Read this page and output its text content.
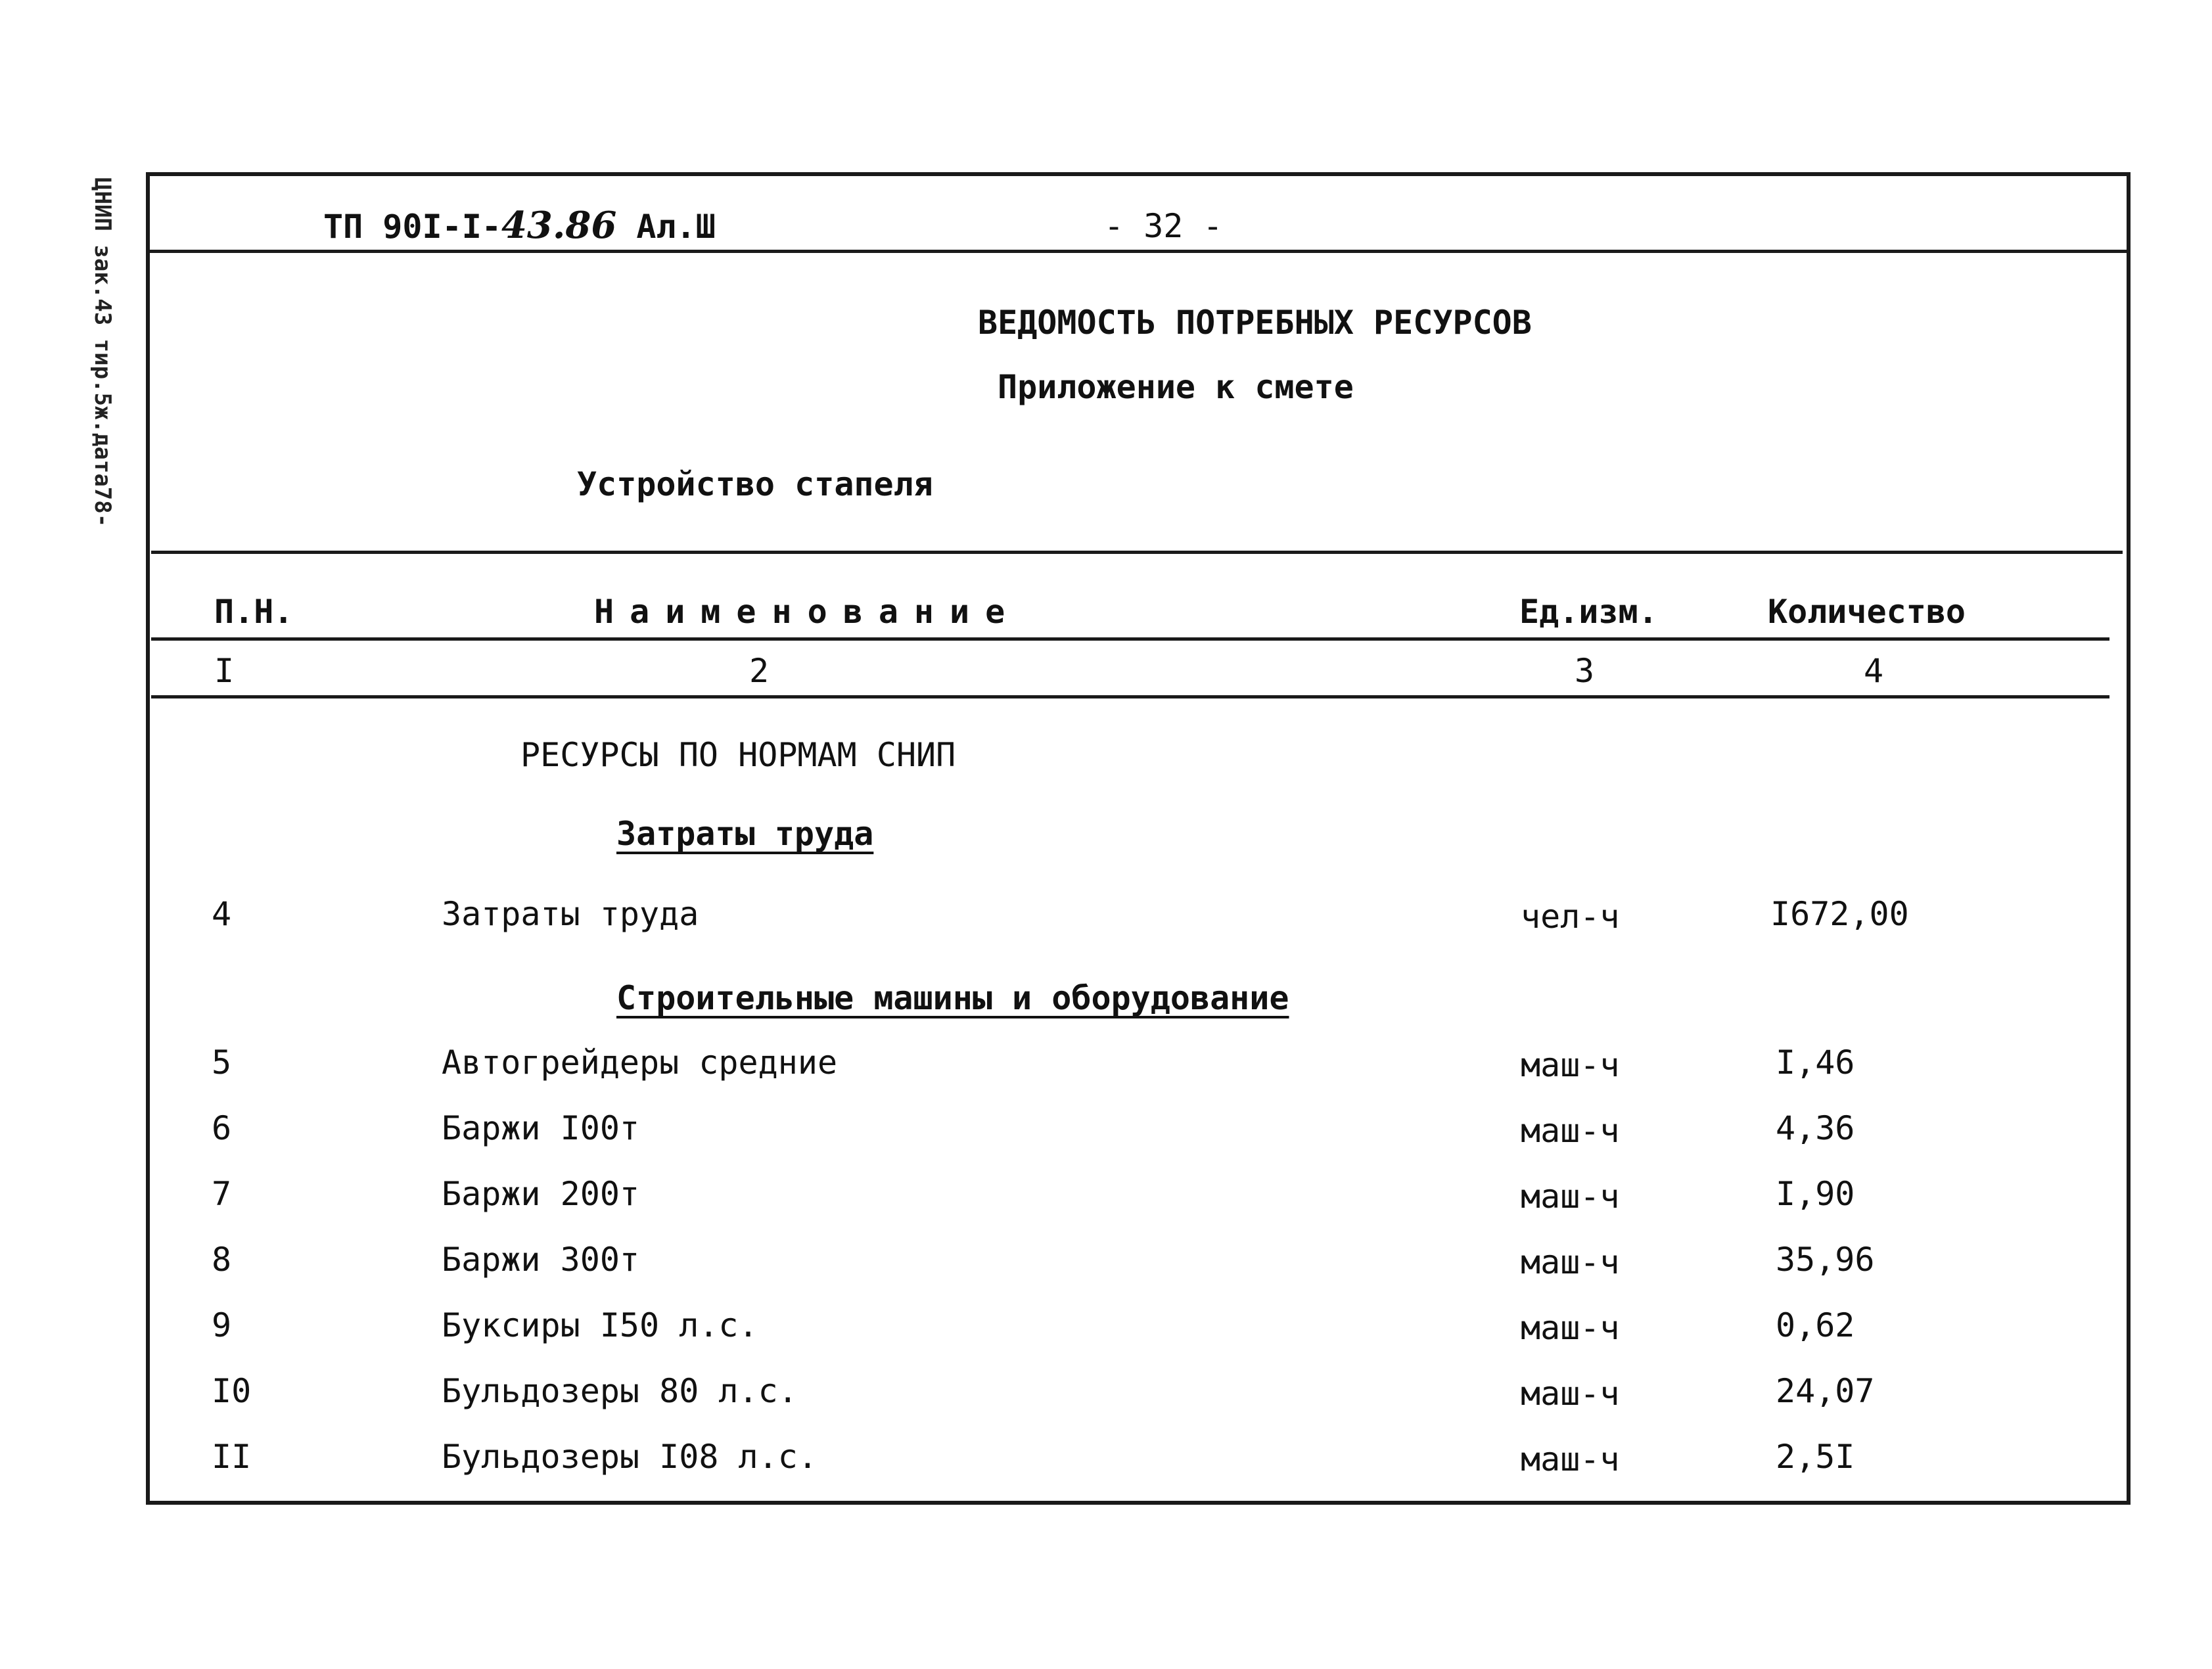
ЦНИП зак.43 тир.5ж.дата78-	ТП 90I-I-43.86 Ал.Ш	- 32 -
ВЕДОМОСТЬ ПОТРЕБНЫХ РЕСУРСОВ
Приложение к смете
Устройство стапеля
П.Н.	Наименование	Ед.изм.	Количество
I	2	3	4
РЕСУРСЫ ПО НОРМАМ СНИП
Затраты труда
4	Затраты труда	чел-ч	I672,00
Строительные машины и оборудование
5	Автогрейдеры средние	маш-ч	I,46
6	Баржи I00т	маш-ч	4,36
7	Баржи 200т	маш-ч	I,90
8	Баржи 300т	маш-ч	35,96
9	Буксиры I50 л.с.	маш-ч	0,62
I0	Бульдозеры 80 л.с.	маш-ч	24,07
II	Бульдозеры I08 л.с.	маш-ч	2,5I
